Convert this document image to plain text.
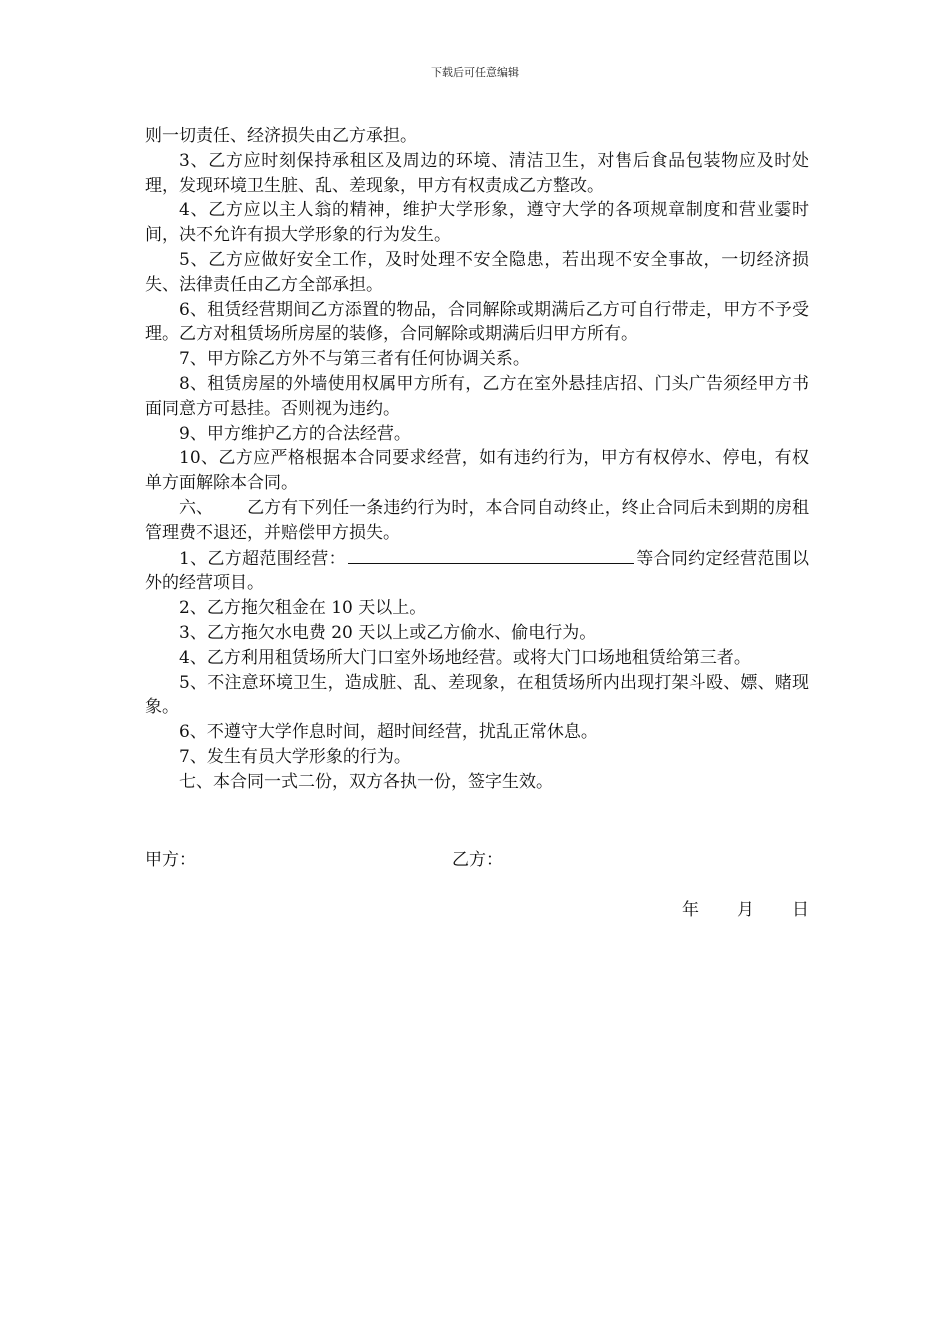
下载后可任意编辑

则一切责任、经济损失由乙方承担。

3、乙方应时刻保持承租区及周边的环境、清洁卫生，对售后食品包装物应及时处理，发现环境卫生脏、乱、差现象，甲方有权责成乙方整改。

4、乙方应以主人翁的精神，维护大学形象，遵守大学的各项规章制度和营业霎时间，决不允许有损大学形象的行为发生。

5、乙方应做好安全工作，及时处理不安全隐患，若出现不安全事故，一切经济损失、法律责任由乙方全部承担。

6、租赁经营期间乙方添置的物品，合同解除或期满后乙方可自行带走，甲方不予受理。乙方对租赁场所房屋的装修，合同解除或期满后归甲方所有。

7、甲方除乙方外不与第三者有任何协调关系。

8、租赁房屋的外墙使用权属甲方所有，乙方在室外悬挂店招、门头广告须经甲方书面同意方可悬挂。否则视为违约。

9、甲方维护乙方的合法经营。

10、乙方应严格根据本合同要求经营，如有违约行为，甲方有权停水、停电，有权单方面解除本合同。

六、 乙方有下列任一条违约行为时，本合同自动终止，终止合同后未到期的房租管理费不退还，并赔偿甲方损失。

1、乙方超范围经营：	等合同约定经营范围以外的经营项目。

2、乙方拖欠租金在 10 天以上。

3、乙方拖欠水电费 20 天以上或乙方偷水、偷电行为。

4、乙方利用租赁场所大门口室外场地经营。或将大门口场地租赁给第三者。

5、不注意环境卫生，造成脏、乱、差现象，在租赁场所内出现打架斗殴、嫖、赌现象。

6、不遵守大学作息时间，超时间经营，扰乱正常休息。

7、发生有员大学形象的行为。

七、本合同一式二份，双方各执一份，签字生效。

甲方：	乙方：
年 月 日
